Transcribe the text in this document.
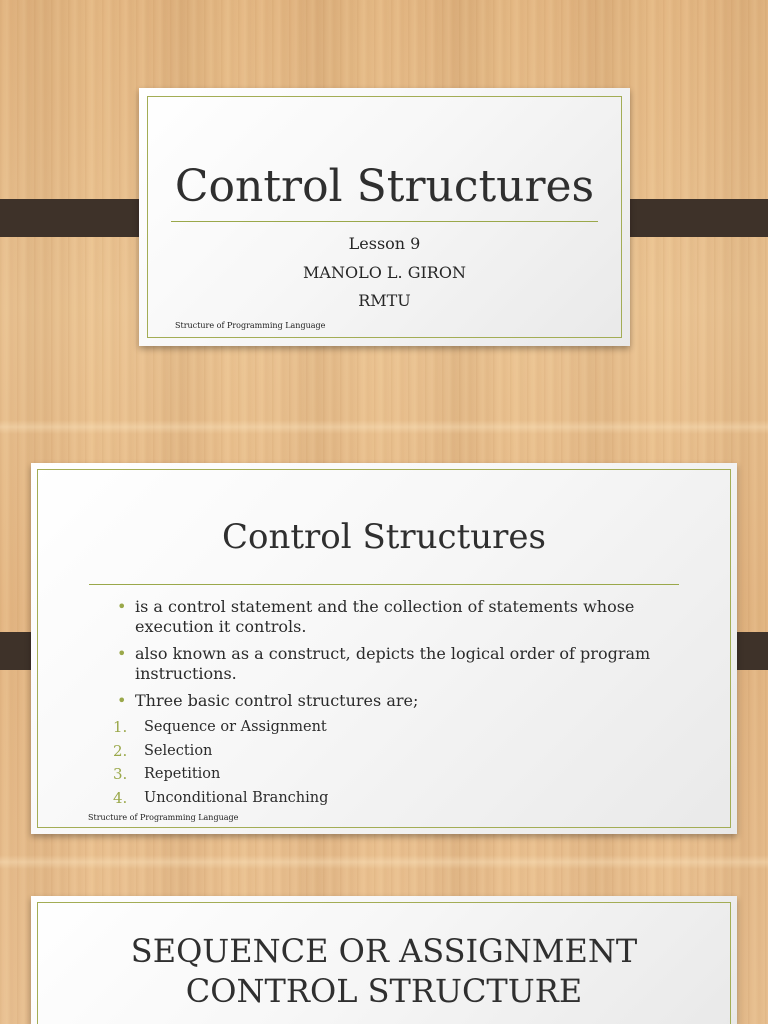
Control Structures
Lesson 9
MANOLO L. GIRON
RMTU
Structure of Programming Language
Control Structures
• is a control statement and the collection of statements whose execution it controls.
• also known as a construct, depicts the logical order of program instructions.
• Three basic control structures are;
1. Sequence or Assignment
2. Selection
3. Repetition
4. Unconditional Branching
Structure of Programming Language
SEQUENCE OR ASSIGNMENT
CONTROL STRUCTURE
